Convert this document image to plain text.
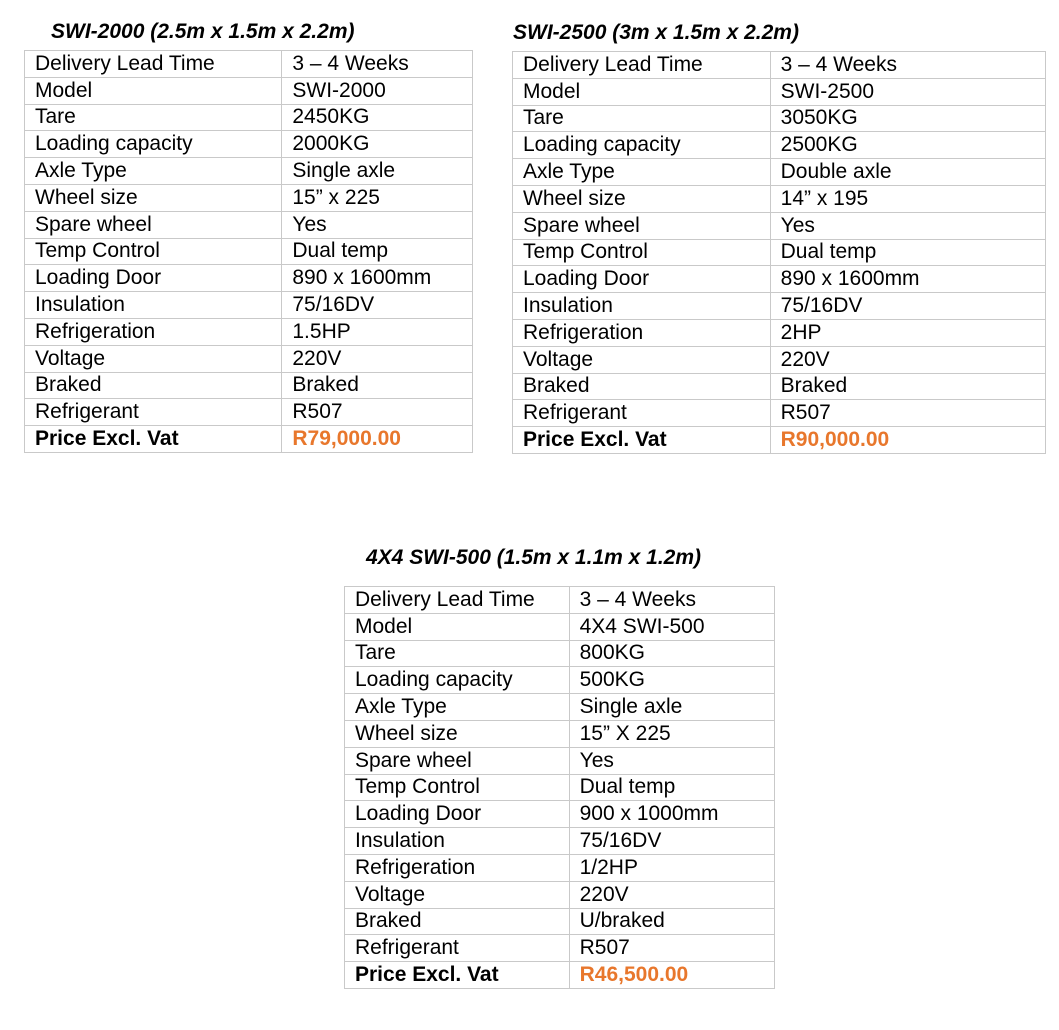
SWI-2000 (2.5m x 1.5m x 2.2m)
Delivery Lead Time	3 – 4 Weeks
Model	SWI-2000
Tare	2450KG
Loading capacity	2000KG
Axle Type	Single axle
Wheel size	15” x 225
Spare wheel	Yes
Temp Control	Dual temp
Loading Door	890 x 1600mm
Insulation	75/16DV
Refrigeration	1.5HP
Voltage	220V
Braked	Braked
Refrigerant	R507
Price Excl. Vat	R79,000.00
SWI-2500 (3m x 1.5m x 2.2m)
Delivery Lead Time	3 – 4 Weeks
Model	SWI-2500
Tare	3050KG
Loading capacity	2500KG
Axle Type	Double axle
Wheel size	14” x 195
Spare wheel	Yes
Temp Control	Dual temp
Loading Door	890 x 1600mm
Insulation	75/16DV
Refrigeration	2HP
Voltage	220V
Braked	Braked
Refrigerant	R507
Price Excl. Vat	R90,000.00
4X4 SWI-500 (1.5m x 1.1m x 1.2m)
Delivery Lead Time	3 – 4 Weeks
Model	4X4 SWI-500
Tare	800KG
Loading capacity	500KG
Axle Type	Single axle
Wheel size	15” X 225
Spare wheel	Yes
Temp Control	Dual temp
Loading Door	900 x 1000mm
Insulation	75/16DV
Refrigeration	1/2HP
Voltage	220V
Braked	U/braked
Refrigerant	R507
Price Excl. Vat	R46,500.00
